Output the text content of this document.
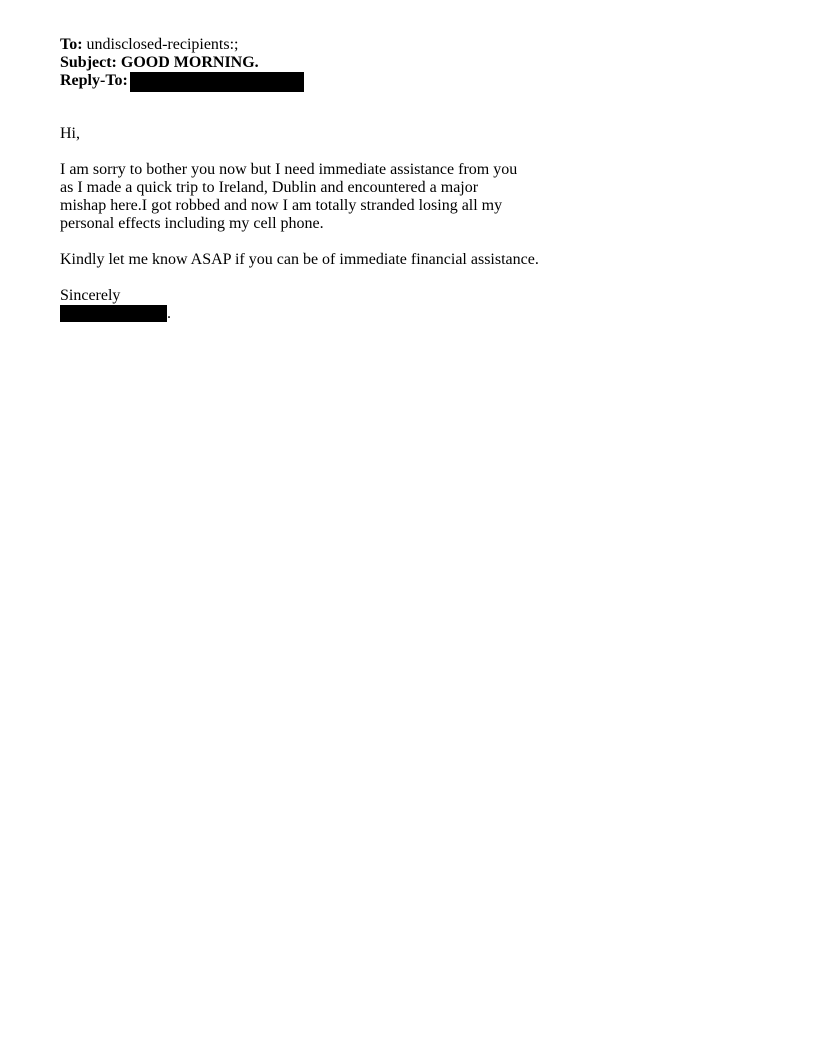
To: undisclosed-recipients:;
Subject: GOOD MORNING.
Reply-To:

Hi,

I am sorry to bother you now but I need immediate assistance from you
as I made a quick trip to Ireland, Dublin and encountered a major
mishap here.I got robbed and now I am totally stranded losing all my
personal effects including my cell phone.
Kindly let me know ASAP if you can be of immediate financial assistance.
Sincerely
.
